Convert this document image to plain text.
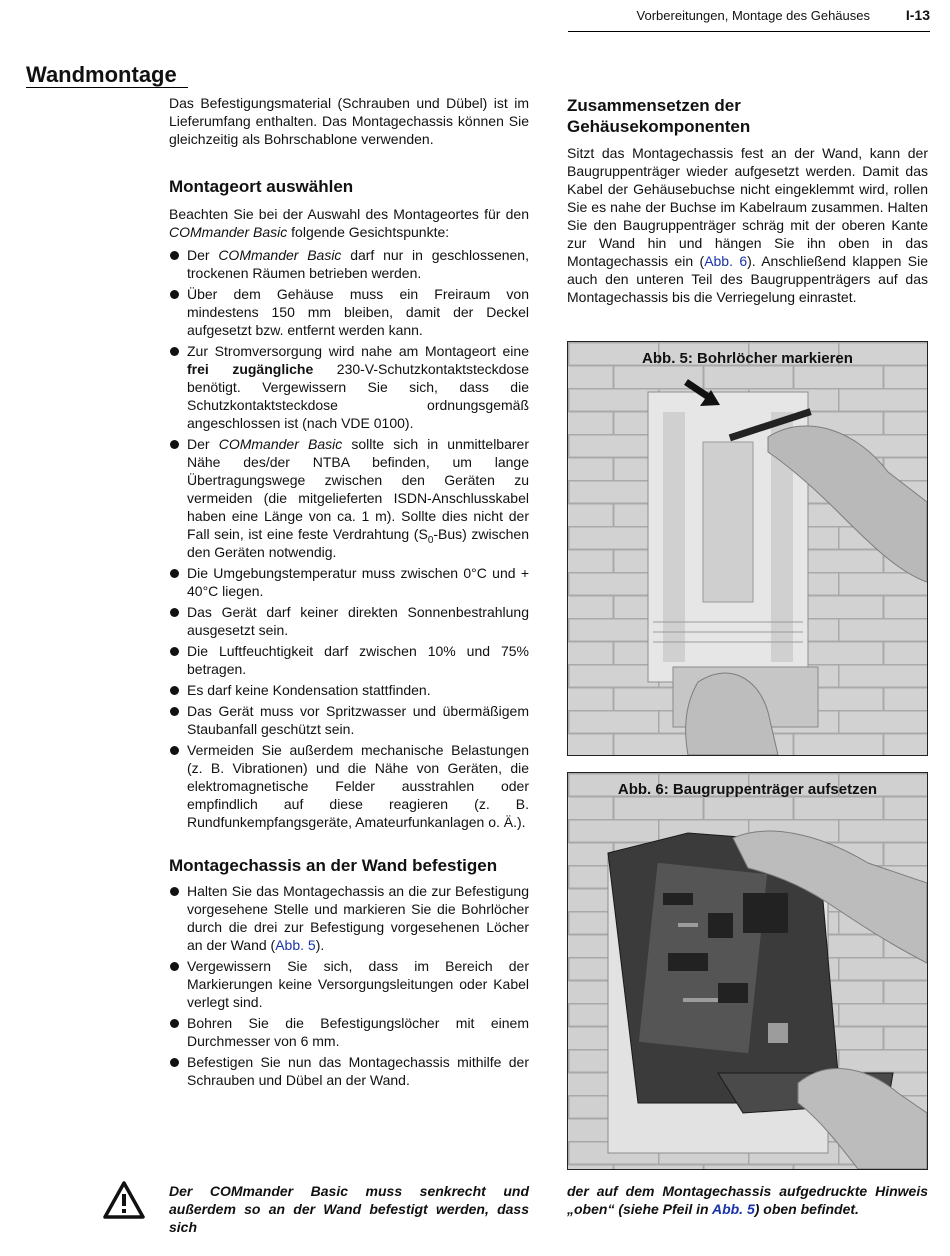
Vorbereitungen, Montage des Gehäuses	I-13
Wandmontage

Das Befestigungsmaterial (Schrauben und Dübel) ist im Lieferumfang enthalten. Das Montagechassis können Sie gleichzeitig als Bohrschablone verwenden.

Montageort auswählen

Beachten Sie bei der Auswahl des Montageortes für den COMmander Basic folgende Gesichtspunkte:

Der COMmander Basic darf nur in geschlossenen, trockenen Räumen betrieben werden.
Über dem Gehäuse muss ein Freiraum von mindestens 150 mm bleiben, damit der Deckel aufgesetzt bzw. entfernt werden kann.
Zur Stromversorgung wird nahe am Montageort eine frei zugängliche 230-V-Schutzkontaktsteckdose benötigt. Vergewissern Sie sich, dass die Schutzkontaktsteckdose ordnungsgemäß angeschlossen ist (nach VDE 0100).
Der COMmander Basic sollte sich in unmittelbarer Nähe des/der NTBA befinden, um lange Übertragungswege zwischen den Geräten zu vermeiden (die mitgelieferten ISDN-Anschlusskabel haben eine Länge von ca. 1 m). Sollte dies nicht der Fall sein, ist eine feste Verdrahtung $(S_0-Bus)$ zwischen den Geräten notwendig.
Die Umgebungstemperatur muss zwischen 0°C und + 40°C liegen.
Das Gerät darf keiner direkten Sonnenbestrahlung ausgesetzt sein.
Die Luftfeuchtigkeit darf zwischen 10% und 75% betragen.
Es darf keine Kondensation stattfinden.
Das Gerät muss vor Spritzwasser und übermäßigem Staubanfall geschützt sein.
Vermeiden Sie außerdem mechanische Belastungen (z. B. Vibrationen) und die Nähe von Geräten, die elektromagnetische Felder ausstrahlen oder empfindlich auf diese reagieren (z. B. Rundfunkempfangsgeräte, Amateurfunkanlagen o. Ä.).
Montagechassis an der Wand befestigen
Halten Sie das Montagechassis an die zur Befestigung vorgesehene Stelle und markieren Sie die Bohrlöcher durch die drei zur Befestigung vorgesehenen Löcher an der Wand (Abb. 5).
Vergewissern Sie sich, dass im Bereich der Markierungen keine Versorgungsleitungen oder Kabel verlegt sind.
Bohren Sie die Befestigungslöcher mit einem Durchmesser von 6 mm.
Befestigen Sie nun das Montagechassis mithilfe der Schrauben und Dübel an der Wand.
Zusammensetzen der Gehäusekomponenten

Sitzt das Montagechassis fest an der Wand, kann der Baugruppenträger wieder aufgesetzt werden. Damit das Kabel der Gehäusebuchse nicht eingeklemmt wird, rollen Sie es nahe der Buchse im Kabelraum zusammen. Halten Sie den Baugruppenträger schräg mit der oberen Kante zur Wand hin und hängen Sie ihn oben in das Montagechassis ein (Abb. 6). Anschließend klappen Sie auch den unteren Teil des Baugruppenträgers auf das Montagechassis bis die Verriegelung einrastet.

Abb. 5: Bohrlöcher markieren
Abb. 6: Baugruppenträger aufsetzen
Der COMmander Basic muss senkrecht und außerdem so an der Wand befestigt werden, dass sich
der auf dem Montagechassis aufgedruckte Hinweis „oben“ (siehe Pfeil in Abb. 5) oben befindet.
